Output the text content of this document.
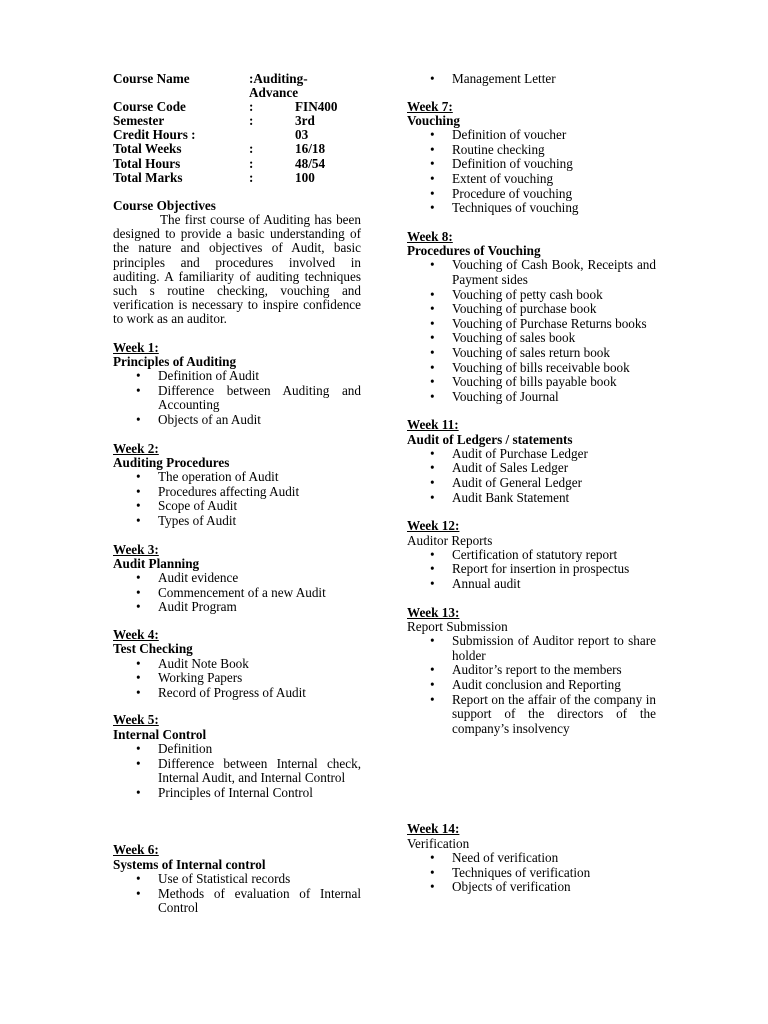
Course Name	:Auditing-Advance	
Course Code	:	FIN400
Semester	:	3rd
Credit Hours :		03
Total Weeks	:	16/18
Total Hours	:	48/54
Total Marks	:	100

Course Objectives

The first course of Auditing has been designed to provide a basic understanding of the nature and objectives of Audit, basic principles and procedures involved in auditing. A familiarity of auditing techniques such s routine checking, vouching and verification is necessary to inspire confidence to work as an auditor.

Week 1:

Principles of Auditing

• Definition of Audit
• Difference between Auditing and Accounting
• Objects of an Audit

Week 2:

Auditing Procedures

• The operation of Audit
• Procedures affecting Audit
• Scope of Audit
• Types of Audit

Week 3:

Audit Planning

• Audit evidence
• Commencement of a new Audit
• Audit Program

Week 4:

Test Checking

• Audit Note Book
• Working Papers
• Record of Progress of Audit

Week 5:

Internal Control

• Definition
• Difference between Internal check, Internal Audit, and Internal Control
• Principles of Internal Control

Week 6:

Systems of Internal control

• Use of Statistical records
• Methods of evaluation of Internal Control
• Management Letter

Week 7:

Vouching

• Definition of voucher
• Routine checking
• Definition of vouching
• Extent of vouching
• Procedure of vouching
• Techniques of vouching

Week 8:

Procedures of Vouching

• Vouching of Cash Book, Receipts and Payment sides
• Vouching of petty cash book
• Vouching of purchase book
• Vouching of Purchase Returns books
• Vouching of sales book
• Vouching of sales return book
• Vouching of bills receivable book
• Vouching of bills payable book
• Vouching of Journal

Week 11:

Audit of Ledgers / statements

• Audit of Purchase Ledger
• Audit of Sales Ledger
• Audit of General Ledger
• Audit Bank Statement

Week 12:

Auditor Reports

• Certification of statutory report
• Report for insertion in prospectus
• Annual audit

Week 13:

Report Submission

• Submission of Auditor report to share holder
• Auditor’s report to the members
• Audit conclusion and Reporting
• Report on the affair of the company in support of the directors of the company’s insolvency

Week 14:

Verification

• Need of verification
• Techniques of verification
• Objects of verification
